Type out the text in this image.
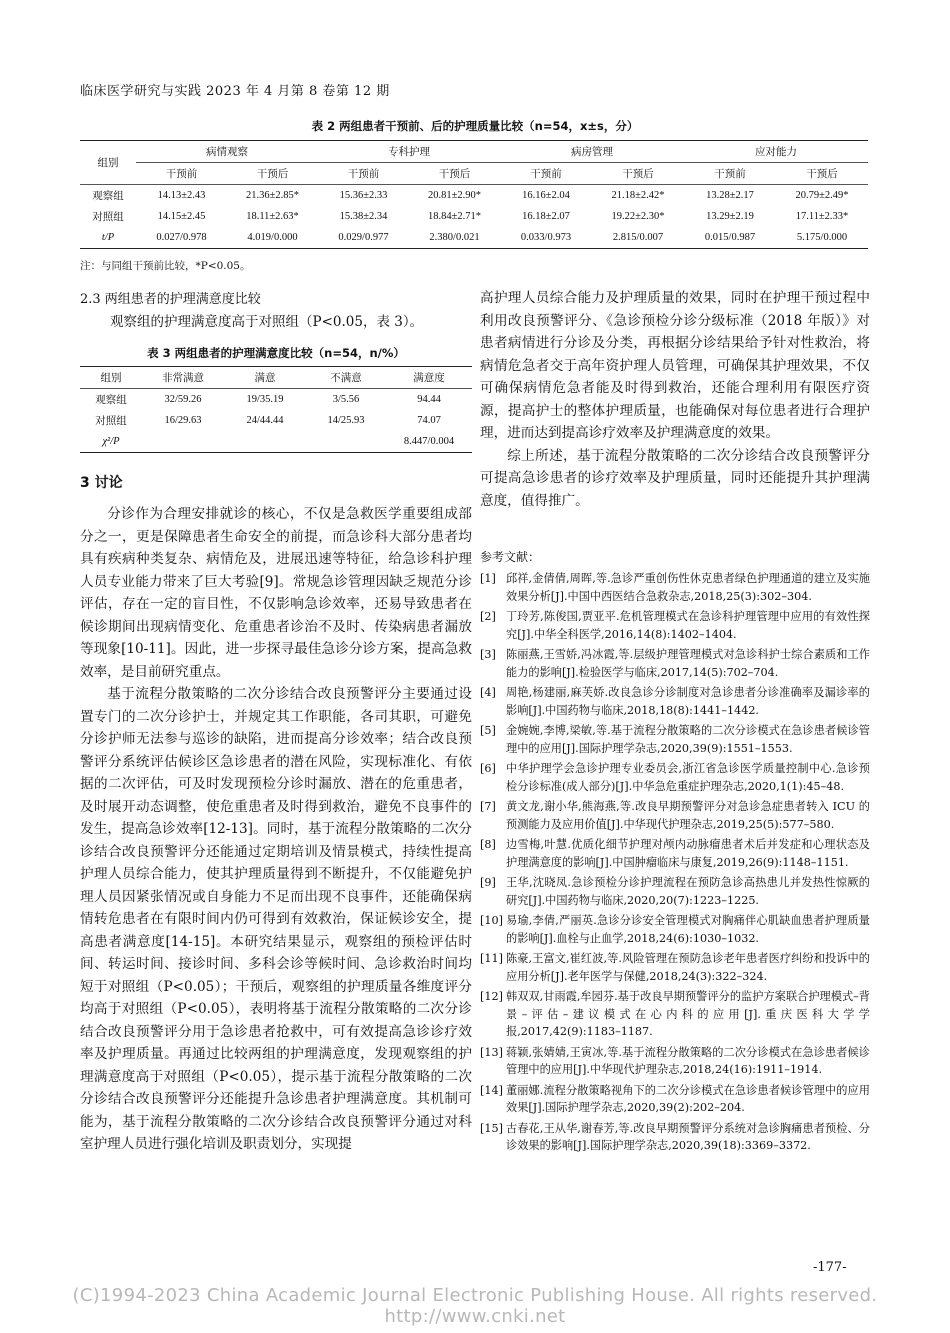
临床医学研究与实践 2023 年 4 月第 8 卷第 12 期
表 2 两组患者干预前、后的护理质量比较（n=54，x±s，分）
组别	病情观察		专科护理		病房管理		应对能力	
	干预前	干预后	干预前	干预后	干预前	干预后	干预前	干预后
观察组	14.13±2.43	21.36±2.85*	15.36±2.33	20.81±2.90*	16.16±2.04	21.18±2.42*	13.28±2.17	20.79±2.49*
对照组	14.15±2.45	18.11±2.63*	15.38±2.34	18.84±2.71*	16.18±2.07	19.22±2.30*	13.29±2.19	17.11±2.33*
t/P	0.027/0.978	4.019/0.000	0.029/0.977	2.380/0.021	0.033/0.973	2.815/0.007	0.015/0.987	5.175/0.000
注：与同组干预前比较，*P<0.05。
2.3 两组患者的护理满意度比较
观察组的护理满意度高于对照组（P<0.05，表 3）。
表 3 两组患者的护理满意度比较（n=54，n/%）
组别	非常满意	满意	不满意	满意度
观察组	32/59.26	19/35.19	3/5.56	94.44
对照组	16/29.63	24/44.44	14/25.93	74.07
χ²/P				8.447/0.004
3 讨论

分诊作为合理安排就诊的核心，不仅是急救医学重要组成部分之一，更是保障患者生命安全的前提，而急诊科大部分患者均具有疾病种类复杂、病情危及，进展迅速等特征，给急诊科护理人员专业能力带来了巨大考验[9]。常规急诊管理因缺乏规范分诊评估，存在一定的盲目性，不仅影响急诊效率，还易导致患者在候诊期间出现病情变化、危重患者诊治不及时、传染病患者漏放等现象[10-11]。因此，进一步探寻最佳急诊分诊方案，提高急救效率，是目前研究重点。

基于流程分散策略的二次分诊结合改良预警评分主要通过设置专门的二次分诊护士，并规定其工作职能，各司其职，可避免分诊护师无法参与巡诊的缺陷，进而提高分诊效率；结合改良预警评分系统评估候诊区急诊患者的潜在风险，实现标准化、有依据的二次评估，可及时发现预检分诊时漏放、潜在的危重患者，及时展开动态调整，使危重患者及时得到救治，避免不良事件的发生，提高急诊效率[12-13]。同时，基于流程分散策略的二次分诊结合改良预警评分还能通过定期培训及情景模式，持续性提高护理人员综合能力，使其护理质量得到不断提升，不仅能避免护理人员因紧张情况或自身能力不足而出现不良事件，还能确保病情转危患者在有限时间内仍可得到有效救治，保证候诊安全，提高患者满意度[14-15]。本研究结果显示，观察组的预检评估时间、转运时间、接诊时间、多科会诊等候时间、急诊救治时间均短于对照组（P<0.05）；干预后，观察组的护理质量各维度评分均高于对照组（P<0.05），表明将基于流程分散策略的二次分诊结合改良预警评分用于急诊患者抢救中，可有效提高急诊诊疗效率及护理质量。再通过比较两组的护理满意度，发现观察组的护理满意度高于对照组（P<0.05），提示基于流程分散策略的二次分诊结合改良预警评分还能提升急诊患者护理满意度。其机制可能为，基于流程分散策略的二次分诊结合改良预警评分通过对科室护理人员进行强化培训及职责划分，实现提

高护理人员综合能力及护理质量的效果，同时在护理干预过程中利用改良预警评分、《急诊预检分诊分级标准（2018 年版）》对患者病情进行分诊及分类，再根据分诊结果给予针对性救治，将病情危急者交于高年资护理人员管理，可确保其护理效果，不仅可确保病情危急者能及时得到救治，还能合理利用有限医疗资源，提高护士的整体护理质量，也能确保对每位患者进行合理护理，进而达到提高诊疗效率及护理满意度的效果。

综上所述，基于流程分散策略的二次分诊结合改良预警评分可提高急诊患者的诊疗效率及护理质量，同时还能提升其护理满意度，值得推广。

参考文献：
[1] 邱祥,金倩倩,周晖,等.急诊严重创伤性休克患者绿色护理通道的建立及实施效果分析[J].中国中西医结合急救杂志,2018,25(3):302–304.
[2] 丁玲芳,陈俊国,贾亚平.危机管理模式在急诊科护理管理中应用的有效性探究[J].中华全科医学,2016,14(8):1402–1404.
[3] 陈丽燕,王雪娇,冯冰霞,等.层级护理管理模式对急诊科护士综合素质和工作能力的影响[J].检验医学与临床,2017,14(5):702–704.
[4] 周艳,杨建丽,麻芙娇.改良急诊分诊制度对急诊患者分诊准确率及漏诊率的影响[J].中国药物与临床,2018,18(8):1441–1442.
[5] 金婉婉,李博,梁敏,等.基于流程分散策略的二次分诊模式在急诊患者候诊管理中的应用[J].国际护理学杂志,2020,39(9):1551–1553.
[6] 中华护理学会急诊护理专业委员会,浙江省急诊医学质量控制中心.急诊预检分诊标准(成人部分)[J].中华急危重症护理杂志,2020,1(1):45–48.
[7] 黄文龙,谢小华,熊海燕,等.改良早期预警评分对急诊急症患者转入 ICU 的预测能力及应用价值[J].中华现代护理杂志,2019,25(5):577–580.
[8] 边雪梅,叶慧.优质化细节护理对颅内动脉瘤患者术后并发症和心理状态及护理满意度的影响[J].中国肿瘤临床与康复,2019,26(9):1148–1151.
[9] 王华,沈晓凤.急诊预检分诊护理流程在预防急诊高热患儿并发热性惊厥的研究[J].中国药物与临床,2020,20(7):1223–1225.
[10] 易瑜,李倩,严丽英.急诊分诊安全管理模式对胸痛伴心肌缺血患者护理质量的影响[J].血栓与止血学,2018,24(6):1030–1032.
[11] 陈豪,王富文,崔红波,等.风险管理在预防急诊老年患者医疗纠纷和投诉中的应用分析[J].老年医学与保健,2018,24(3):322–324.
[12] 韩双双,甘雨霞,牟园芬.基于改良早期预警评分的监护方案联合护理模式–背景–评估–建议模式在心内科的应用[J].重庆医科大学学报,2017,42(9):1183–1187.
[13] 蒋颖,张婧婧,王寅冰,等.基于流程分散策略的二次分诊模式在急诊患者候诊管理中的应用[J].中华现代护理杂志,2018,24(16):1911–1914.
[14] 董丽娜.流程分散策略视角下的二次分诊模式在急诊患者候诊管理中的应用效果[J].国际护理学杂志,2020,39(2):202–204.
[15] 古春花,王从华,谢春芳,等.改良早期预警评分系统对急诊胸痛患者预检、分诊效果的影响[J].国际护理学杂志,2020,39(18):3369–3372.
-177-
(C)1994-2023 China Academic Journal Electronic Publishing House. All rights reserved. http://www.cnki.net
